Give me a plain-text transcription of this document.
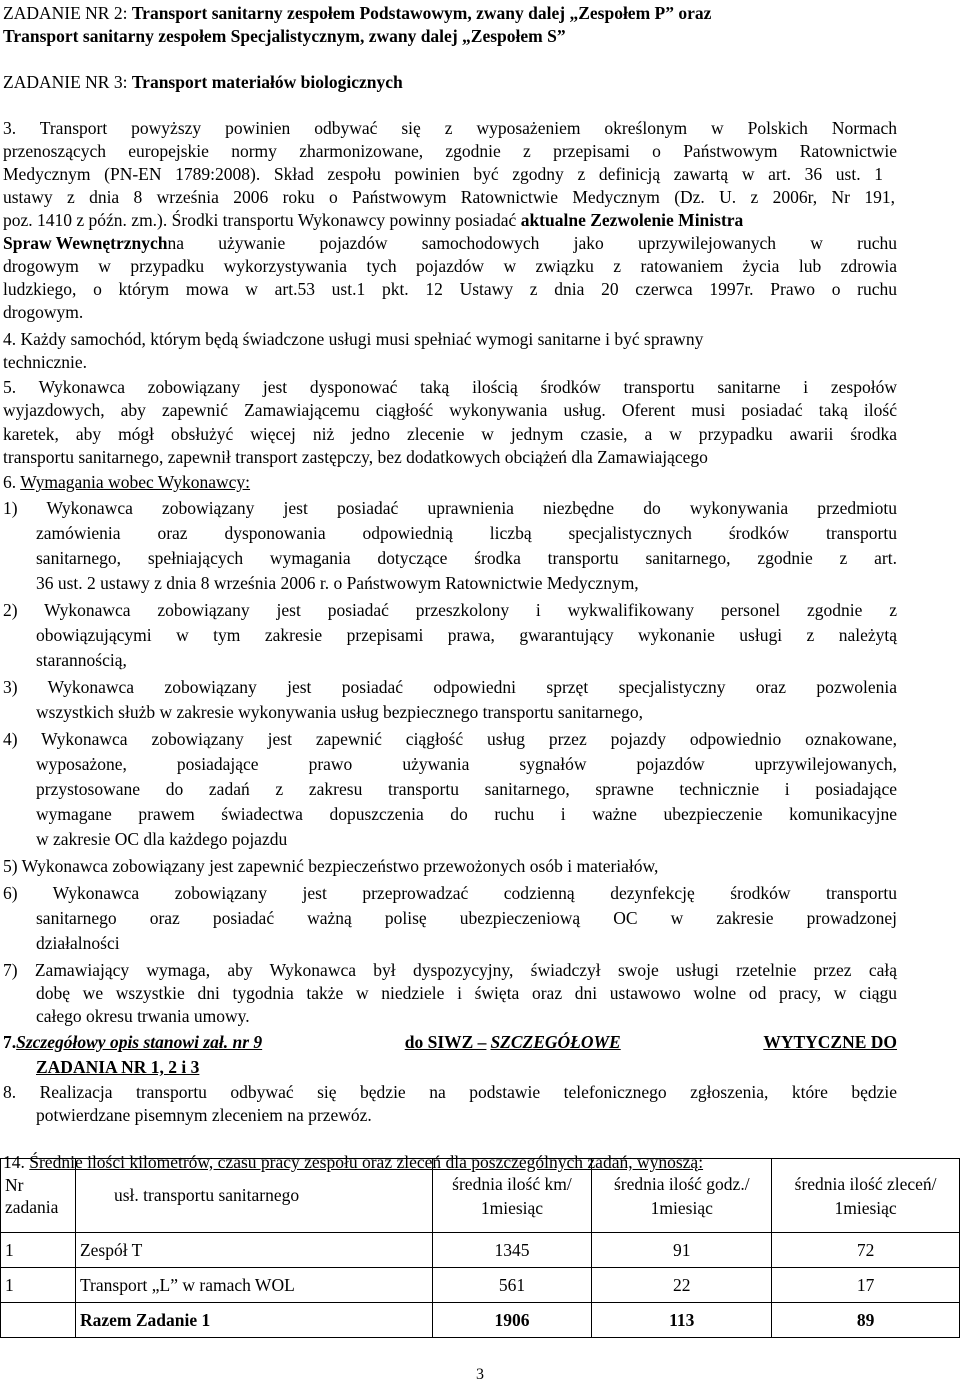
ZADANIE NR 2: Transport sanitarny zespołem Podstawowym, zwany dalej „Zespołem P” oraz
Transport sanitarny zespołem Specjalistycznym, zwany dalej „Zespołem S”
ZADANIE NR 3: Transport materiałów biologicznych
3. Transport powyższy powinien odbywać się z wyposażeniem określonym w Polskich Normach
przenoszących europejskie normy zharmonizowane, zgodnie z przepisami o Państwowym Ratownictwie
Medycznym (PN-EN 1789:2008). Skład zespołu powinien być zgodny z definicją zawartą w art. 36 ust. 1
ustawy z dnia 8 września 2006 roku o Państwowym Ratownictwie Medycznym (Dz. U. z 2006r, Nr 191,
poz. 1410 z późn. zm.). Środki transportu Wykonawcy powinny posiadać aktualne Zezwolenie Ministra
Spraw Wewnętrznych na używanie pojazdów samochodowych jako uprzywilejowanych w ruchu
drogowym w przypadku wykorzystywania tych pojazdów w związku z ratowaniem życia lub zdrowia
ludzkiego, o którym mowa w art.53 ust.1 pkt. 12 Ustawy z dnia 20 czerwca 1997r. Prawo o ruchu
drogowym.
4. Każdy samochód, którym będą świadczone usługi musi spełniać wymogi sanitarne i być sprawny
technicznie.
5. Wykonawca zobowiązany jest dysponować taką ilością środków transportu sanitarne i zespołów
wyjazdowych, aby zapewnić Zamawiającemu ciągłość wykonywania usług. Oferent musi posiadać taką ilość
karetek, aby mógł obsłużyć więcej niż jedno zlecenie w jednym czasie, a w przypadku awarii środka
transportu sanitarnego, zapewnił transport zastępczy, bez dodatkowych obciążeń dla Zamawiającego
6. Wymagania wobec Wykonawcy:
1) Wykonawca zobowiązany jest posiadać uprawnienia niezbędne do wykonywania przedmiotu
zamówienia oraz dysponowania odpowiednią liczbą specjalistycznych środków transportu
sanitarnego, spełniających wymagania dotyczące środka transportu sanitarnego, zgodnie z art.
36 ust. 2 ustawy z dnia 8 września 2006 r. o Państwowym Ratownictwie Medycznym,
2) Wykonawca zobowiązany jest posiadać przeszkolony i wykwalifikowany personel zgodnie z
obowiązującymi w tym zakresie przepisami prawa, gwarantujący wykonanie usługi z należytą
starannością,
3) Wykonawca zobowiązany jest posiadać odpowiedni sprzęt specjalistyczny oraz pozwolenia
wszystkich służb w zakresie wykonywania usług bezpiecznego transportu sanitarnego,
4) Wykonawca zobowiązany jest zapewnić ciągłość usług przez pojazdy odpowiednio oznakowane,
wyposażone, posiadające prawo używania sygnałów pojazdów uprzywilejowanych,
przystosowane do zadań z zakresu transportu sanitarnego, sprawne technicznie i posiadające
wymagane prawem świadectwa dopuszczenia do ruchu i ważne ubezpieczenie komunikacyjne
w zakresie OC dla każdego pojazdu
5) Wykonawca zobowiązany jest zapewnić bezpieczeństwo przewożonych osób i materiałów,
6) Wykonawca zobowiązany jest przeprowadzać codzienną dezynfekcję środków transportu
sanitarnego oraz posiadać ważną polisę ubezpieczeniową OC w zakresie prowadzonej
działalności
7) Zamawiający wymaga, aby Wykonawca był dyspozycyjny, świadczył swoje usługi rzetelnie przez całą
dobę we wszystkie dni tygodnia także w niedziele i święta oraz dni ustawowo wolne od pracy, w ciągu
całego okresu trwania umowy.
7. Szczegółowy opis stanowi zał. nr 9	do SIWZ – SZCZEGÓŁOWE	WYTYCZNE DO
ZADANIA NR 1, 2 i 3
8. Realizacja transportu odbywać się będzie na podstawie telefonicznego zgłoszenia, które będzie
potwierdzane pisemnym zleceniem na przewóz.
14. Średnie ilości kilometrów, czasu pracy zespołu oraz zleceń dla poszczególnych zadań, wynoszą:
Nr zadania	usł. transportu sanitarnego	średnia ilość km/ 1miesiąc	średnia ilość godz./ 1miesiąc	średnia ilość zleceń/ 1miesiąc
1	Zespół T	1345	91	72
1	Transport „L” w ramach WOL	561	22	17
	Razem Zadanie 1	1906	113	89
3
